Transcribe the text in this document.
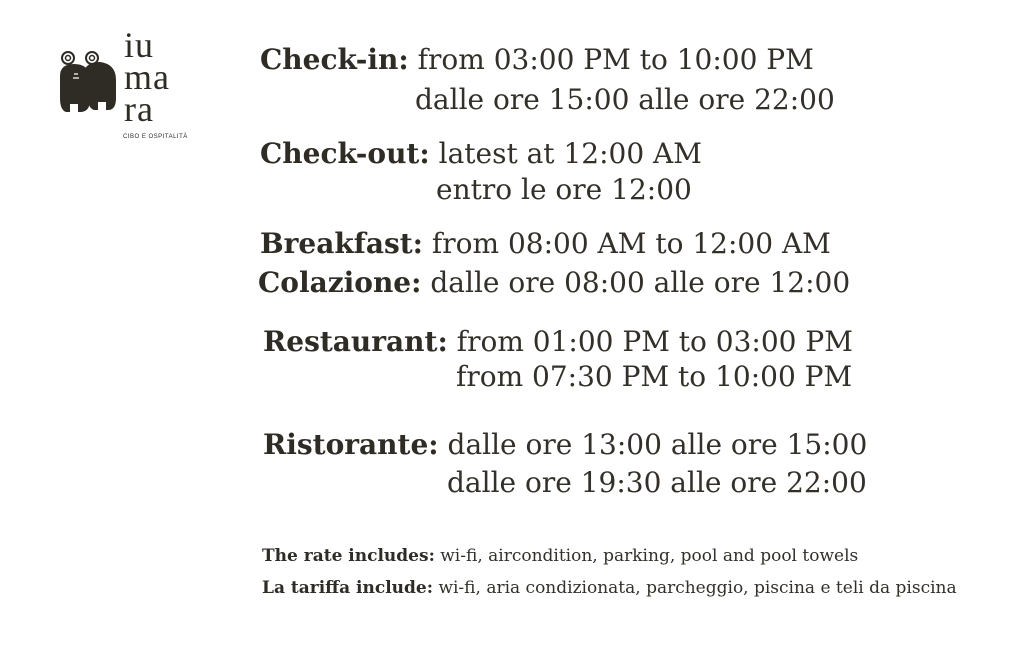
iu
ma
ra
CIBO E OSPITALITÀ
Check-in: from 03:00 PM to 10:00 PM
dalle ore 15:00 alle ore 22:00
Check-out: latest at 12:00 AM
entro le ore 12:00
Breakfast: from 08:00 AM to 12:00 AM
Colazione: dalle ore 08:00 alle ore 12:00
Restaurant: from 01:00 PM to 03:00 PM
from 07:30 PM to 10:00 PM
Ristorante: dalle ore 13:00 alle ore 15:00
dalle ore 19:30 alle ore 22:00
The rate includes: wi-fi, aircondition, parking, pool and pool towels
La tariffa include: wi-fi, aria condizionata, parcheggio, piscina e teli da piscina
